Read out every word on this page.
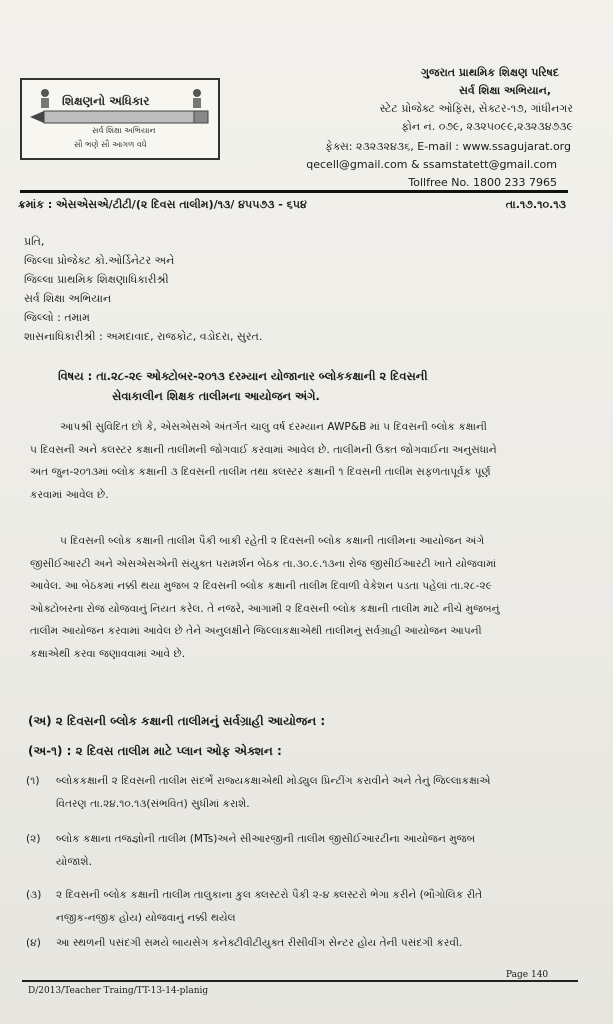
શિક્ષણનો અધિકાર
સર્વ શિક્ષા અભિયાન
સૌ ભણે સૌ આગળ વધે
ગુજરાત પ્રાથમિક શિક્ષણ પરિષદ
સર્વ શિક્ષા અભિયાન,
સ્ટેટ પ્રોજેક્ટ ઓફિસ, સેક્ટર-૧૭, ગાંધીનગર
ફોન નં. ૦૭૯, ૨૩૨૫૦૯૯,૨૩૨૩૪૭૩૯
ફેક્સ: ૨૩૨૩૨૪૩૬, E-mail : www.ssagujarat.org
qecell@gmail.com & ssamstatett@gmail.com
Tollfree No. 1800 233 7965
ક્રમાંક : એસએસએ/ટીટી/(૨ દિવસ તાલીમ)/૧૩/ ૪૫૫૭૩ - ૬૫૪	તા.૧૭.૧૦.૧૩
પ્રતિ,
જિલ્લા પ્રોજેક્ટ કો.ઓર્ડિનેટર અને
જિલ્લા પ્રાથમિક શિક્ષણાધિકારીશ્રી
સર્વ શિક્ષા અભિયાન
જિલ્લો : તમામ
શાસનાધિકારીશ્રી : અમદાવાદ, રાજકોટ, વડોદરા, સુરત.
વિષય : તા.૨૮-૨૯ ઓક્ટોબર-૨૦૧૩ દરમ્યાન યોજાનાર બ્લોકકક્ષાની ૨ દિવસની
સેવાકાલીન શિક્ષક તાલીમના આયોજન અંગે.
આપશ્રી સુવિદિત છો કે, એસએસએ અંતર્ગત ચાલુ વર્ષ દરમ્યાન AWP&B માં ૫ દિવસની બ્લોક કક્ષાની
૫ દિવસની અને ક્લસ્ટર કક્ષાની તાલીમની જોગવાઈ કરવામાં આવેલ છે. તાલીમની ઉક્ત જોગવાઈના અનુસંધાને
અત જુન-૨૦૧૩માં બ્લોક કક્ષાની ૩ દિવસની તાલીમ તથા ક્લસ્ટર કક્ષાની ૧ દિવસની તાલીમ સફળતાપૂર્વક પૂર્ણ
કરવામાં આવેલ છે.
૫ દિવસની બ્લોક કક્ષાની તાલીમ પૈકી બાકી રહેતી ૨ દિવસની બ્લોક કક્ષાની તાલીમના આયોજન અંગે
જીસીઈઆરટી અને એસએસએની સંયુક્ત પરામર્શન બેઠક તા.૩૦.૯.૧૩ના રોજ જીસીઈઆરટી ખાતે યોજવામાં
આવેલ. આ બેઠકમાં નક્કી થયા મુજબ ૨ દિવસની બ્લોક કક્ષાની તાલીમ દિવાળી વેકેશન પડતા પહેલાં તા.૨૮-૨૯
ઓક્ટોબરના રોજ યોજવાનું નિયત કરેલ. તે નજરે, આગામી ૨ દિવસની બ્લોક કક્ષાની તાલીમ માટે નીચે મુજબનું
તાલીમ આયોજન કરવામાં આવેલ છે તેને અનુલક્ષીને જિલ્લાકક્ષાએથી તાલીમનું સર્વગ્રાહી આયોજન આપની
કક્ષાએથી કરવા જણાવવામાં આવે છે.
(અ) ૨ દિવસની બ્લોક કક્ષાની તાલીમનું સર્વગ્રાહી આયોજન :
(અ-૧) : ૨ દિવસ તાલીમ માટે પ્લાન ઓફ એક્શન :
(૧) બ્લોકકક્ષાની ૨ દિવસની તાલીમ સંદર્ભે રાજ્યકક્ષાએથી મોડ્યુલ પ્રિન્ટીંગ કરાવીને અને તેનું જિલ્લાકક્ષાએ
વિતરણ તા.૨૪.૧૦.૧૩(સંભવિત) સુધીમાં કરાશે.
(૨) બ્લોક કક્ષાના તજજ્ઞોની તાલીમ (MTs)અને સીઆરજીની તાલીમ જીસીઈઆરટીના આયોજન મુજબ
યોજાશે.
(૩) ૨ દિવસની બ્લોક કક્ષાની તાલીમ તાલુકાના કુલ ક્લસ્ટરો પૈકી ૨-૪ ક્લસ્ટરો ભેગા કરીને (ભૌગોલિક રીતે
નજીક-નજીક હોય) યોજવાનું નક્કી થયેલ
(૪) આ સ્થળની પસંદગી સમયે બાયસેગ કનેક્ટીવીટીયુક્ત રીસીવીંગ સેન્ટર હોય તેની પસંદગી કરવી.
Page 140
D/2013/Teacher Traing/TT-13-14-planig
